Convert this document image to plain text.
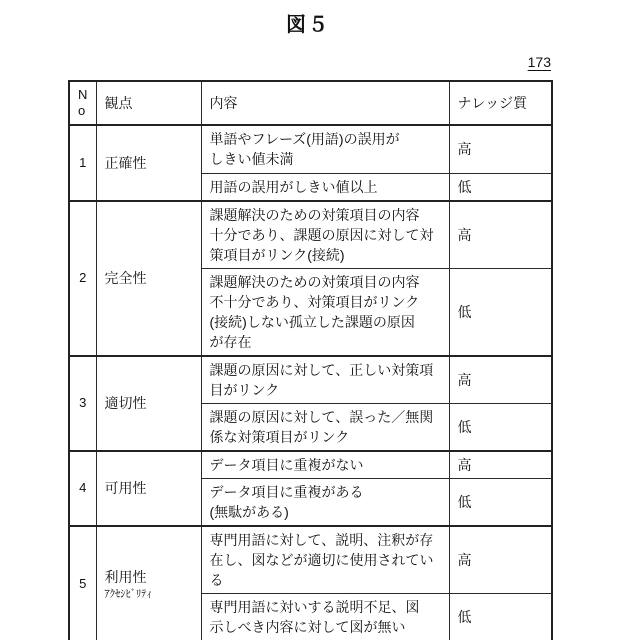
図５
173
No	観点	内容	ナレッジ質
1	正確性	単語やフレーズ(用語)の誤用が
しきい値未満	高
		用語の誤用がしきい値以上	低
2	完全性	課題解決のための対策項目の内容
十分であり、課題の原因に対して対
策項目がリンク(接続)	高
		課題解決のための対策項目の内容
不十分であり、対策項目がリンク
(接続)しない孤立した課題の原因
が存在	低
3	適切性	課題の原因に対して、正しい対策項
目がリンク	高
		課題の原因に対して、誤った／無関
係な対策項目がリンク	低
4	可用性	データ項目に重複がない	高
		データ項目に重複がある
(無駄がある)	低
5	利用性
ｱｸｾｼﾋﾞﾘﾃｨ
	専門用語に対して、説明、注釈が存
在し、図などが適切に使用されてい
る	高
		専門用語に対いする説明不足、図
示しべき内容に対して図が無い	低
